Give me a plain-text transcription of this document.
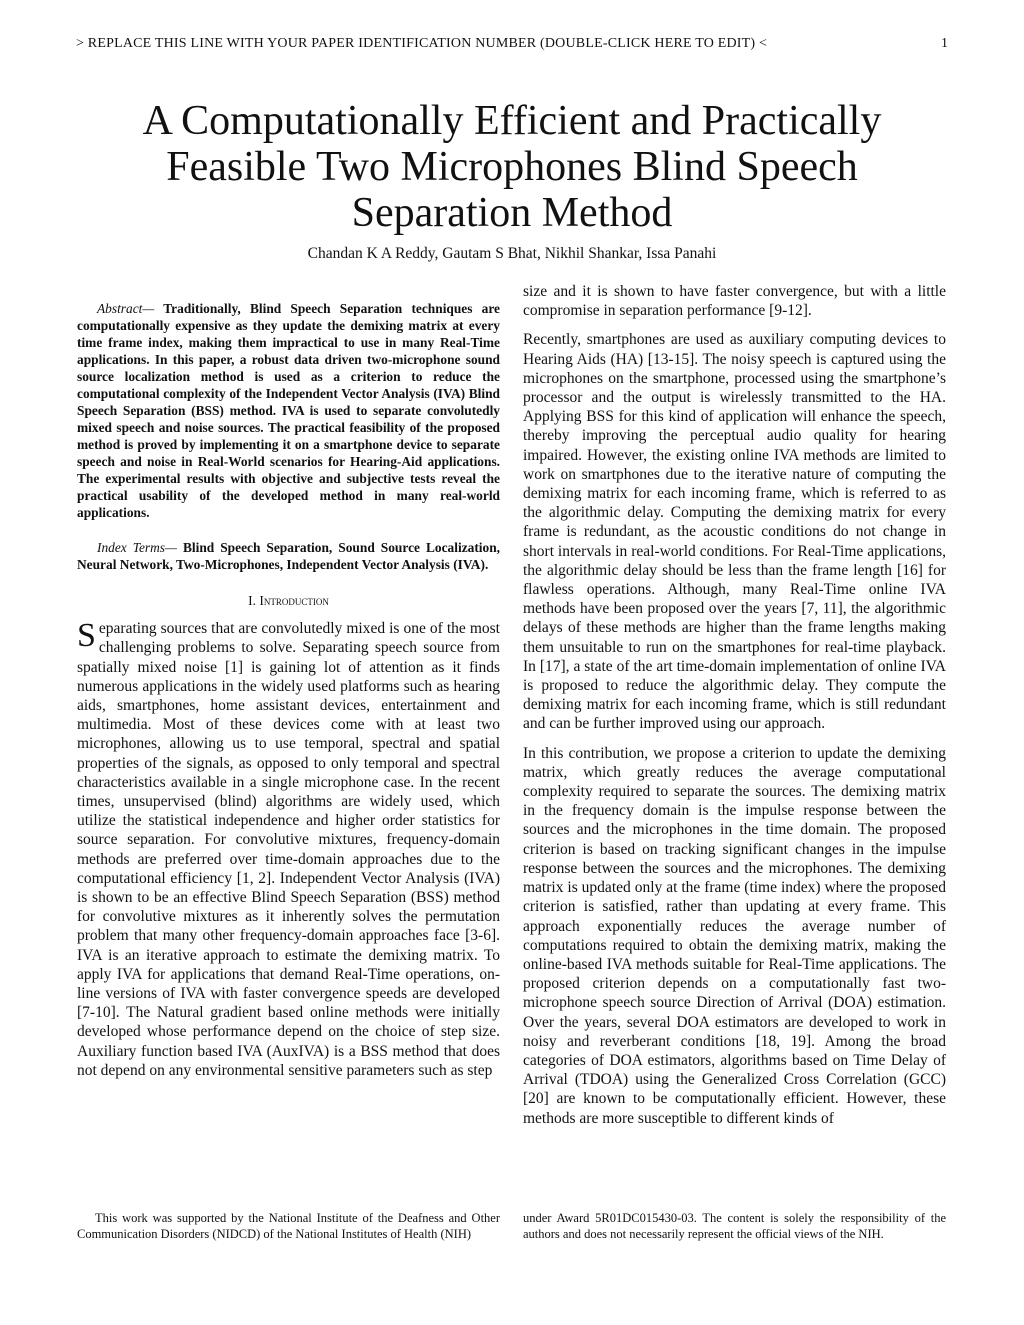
> REPLACE THIS LINE WITH YOUR PAPER IDENTIFICATION NUMBER (DOUBLE-CLICK HERE TO EDIT) <	1
A Computationally Efficient and Practically
Feasible Two Microphones Blind Speech
Separation Method
Chandan K A Reddy, Gautam S Bhat, Nikhil Shankar, Issa Panahi

Abstract— Traditionally, Blind Speech Separation techniques are computationally expensive as they update the demixing matrix at every time frame index, making them impractical to use in many Real-Time applications. In this paper, a robust data driven two-microphone sound source localization method is used as a criterion to reduce the computational complexity of the Independent Vector Analysis (IVA) Blind Speech Separation (BSS) method. IVA is used to separate convolutedly mixed speech and noise sources. The practical feasibility of the proposed method is proved by implementing it on a smartphone device to separate speech and noise in Real-World scenarios for Hearing-Aid applications. The experimental results with objective and subjective tests reveal the practical usability of the developed method in many real-world applications.

Index Terms— Blind Speech Separation, Sound Source Localization, Neural Network, Two-Microphones, Independent Vector Analysis (IVA).

I. Introduction

Separating sources that are convolutedly mixed is one of the most challenging problems to solve. Separating speech source from spatially mixed noise [1] is gaining lot of attention as it finds numerous applications in the widely used platforms such as hearing aids, smartphones, home assistant devices, entertainment and multimedia. Most of these devices come with at least two microphones, allowing us to use temporal, spectral and spatial properties of the signals, as opposed to only temporal and spectral characteristics available in a single microphone case. In the recent times, unsupervised (blind) algorithms are widely used, which utilize the statistical independence and higher order statistics for source separation. For convolutive mixtures, frequency-domain methods are preferred over time-domain approaches due to the computational efficiency [1, 2]. Independent Vector Analysis (IVA) is shown to be an effective Blind Speech Separation (BSS) method for convolutive mixtures as it inherently solves the permutation problem that many other frequency-domain approaches face [3-6]. IVA is an iterative approach to estimate the demixing matrix. To apply IVA for applications that demand Real-Time operations, on-line versions of IVA with faster convergence speeds are developed [7-10]. The Natural gradient based online methods were initially developed whose performance depend on the choice of step size. Auxiliary function based IVA (AuxIVA) is a BSS method that does not depend on any environmental sensitive parameters such as step

size and it is shown to have faster convergence, but with a little compromise in separation performance [9-12].

Recently, smartphones are used as auxiliary computing devices to Hearing Aids (HA) [13-15]. The noisy speech is captured using the microphones on the smartphone, processed using the smartphone’s processor and the output is wirelessly transmitted to the HA. Applying BSS for this kind of application will enhance the speech, thereby improving the perceptual audio quality for hearing impaired. However, the existing online IVA methods are limited to work on smartphones due to the iterative nature of computing the demixing matrix for each incoming frame, which is referred to as the algorithmic delay. Computing the demixing matrix for every frame is redundant, as the acoustic conditions do not change in short intervals in real-world conditions. For Real-Time applications, the algorithmic delay should be less than the frame length [16] for flawless operations. Although, many Real-Time online IVA methods have been proposed over the years [7, 11], the algorithmic delays of these methods are higher than the frame lengths making them unsuitable to run on the smartphones for real-time playback. In [17], a state of the art time-domain implementation of online IVA is proposed to reduce the algorithmic delay. They compute the demixing matrix for each incoming frame, which is still redundant and can be further improved using our approach.

In this contribution, we propose a criterion to update the demixing matrix, which greatly reduces the average computational complexity required to separate the sources. The demixing matrix in the frequency domain is the impulse response between the sources and the microphones in the time domain. The proposed criterion is based on tracking significant changes in the impulse response between the sources and the microphones. The demixing matrix is updated only at the frame (time index) where the proposed criterion is satisfied, rather than updating at every frame. This approach exponentially reduces the average number of computations required to obtain the demixing matrix, making the online-based IVA methods suitable for Real-Time applications. The proposed criterion depends on a computationally fast two-microphone speech source Direction of Arrival (DOA) estimation. Over the years, several DOA estimators are developed to work in noisy and reverberant conditions [18, 19]. Among the broad categories of DOA estimators, algorithms based on Time Delay of Arrival (TDOA) using the Generalized Cross Correlation (GCC) [20] are known to be computationally efficient. However, these methods are more susceptible to different kinds of

This work was supported by the National Institute of the Deafness and Other Communication Disorders (NIDCD) of the National Institutes of Health (NIH)
under Award 5R01DC015430-03. The content is solely the responsibility of the authors and does not necessarily represent the official views of the NIH.
